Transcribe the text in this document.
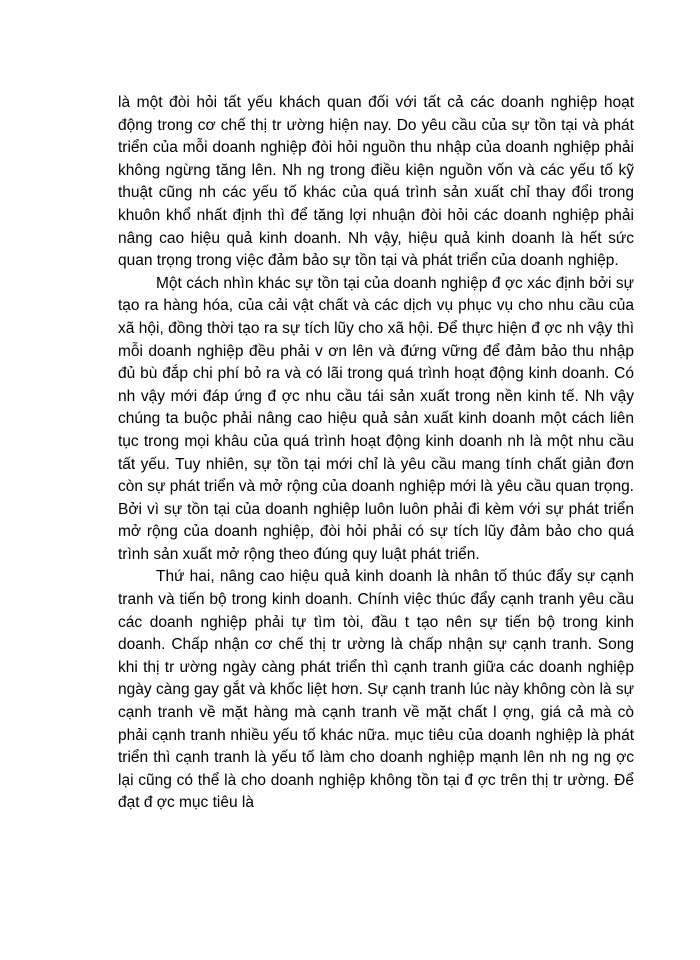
là một đòi hỏi tất yếu khách quan đối với tất cả các doanh nghiệp hoạt động trong cơ chế thị tr ường hiện nay. Do yêu cầu của sự tồn tại và phát triển của mỗi doanh nghiệp đòi hỏi nguồn thu nhập của doanh nghiệp phải không ngừng tăng lên. Nh ng trong điều kiện nguồn vốn và các yếu tố kỹ thuật cũng nh các yếu tố khác của quá trình sản xuất chỉ thay đổi trong khuôn khổ nhất định thì để tăng lợi nhuận đòi hỏi các doanh nghiệp phải nâng cao hiệu quả kinh doanh. Nh vậy, hiệu quả kinh doanh là hết sức quan trọng trong việc đảm bảo sự tồn tại và phát triển của doanh nghiệp.

Một cách nhìn khác sự tồn tại của doanh nghiệp đ ợc xác định bởi sự tạo ra hàng hóa, của cải vật chất và các dịch vụ phục vụ cho nhu cầu của xã hội, đồng thời tạo ra sự tích lũy cho xã hội. Để thực hiện đ ợc nh vậy thì mỗi doanh nghiệp đều phải v ơn lên và đứng vững để đảm bảo thu nhập đủ bù đắp chi phí bỏ ra và có lãi trong quá trình hoạt động kinh doanh. Có nh vậy mới đáp ứng đ ợc nhu cầu tái sản xuất trong nền kinh tế. Nh vậy chúng ta buộc phải nâng cao hiệu quả sản xuất kinh doanh một cách liên tục trong mọi khâu của quá trình hoạt động kinh doanh nh là một nhu cầu tất yếu. Tuy nhiên, sự tồn tại mới chỉ là yêu cầu mang tính chất giản đơn còn sự phát triển và mở rộng của doanh nghiệp mới là yêu cầu quan trọng. Bởi vì sự tồn tại của doanh nghiệp luôn luôn phải đi kèm với sự phát triển mở rộng của doanh nghiệp, đòi hỏi phải có sự tích lũy đảm bảo cho quá trình sản xuất mở rộng theo đúng quy luật phát triển.

Thứ hai, nâng cao hiệu quả kinh doanh là nhân tố thúc đẩy sự cạnh tranh và tiến bộ trong kinh doanh. Chính việc thúc đẩy cạnh tranh yêu cầu các doanh nghiệp phải tự tìm tòi, đầu t tạo nên sự tiến bộ trong kinh doanh. Chấp nhận cơ chế thị tr ường là chấp nhận sự cạnh tranh. Song khi thị tr ường ngày càng phát triển thì cạnh tranh giữa các doanh nghiệp ngày càng gay gắt và khốc liệt hơn. Sự cạnh tranh lúc này không còn là sự cạnh tranh về mặt hàng mà cạnh tranh về mặt chất l ợng, giá cả mà cò phải cạnh tranh nhiều yếu tố khác nữa. mục tiêu của doanh nghiệp là phát triển thì cạnh tranh là yếu tố làm cho doanh nghiệp mạnh lên nh ng ng ợc lại cũng có thể là cho doanh nghiệp không tồn tại đ ợc trên thị tr ường. Để đạt đ ợc mục tiêu là
